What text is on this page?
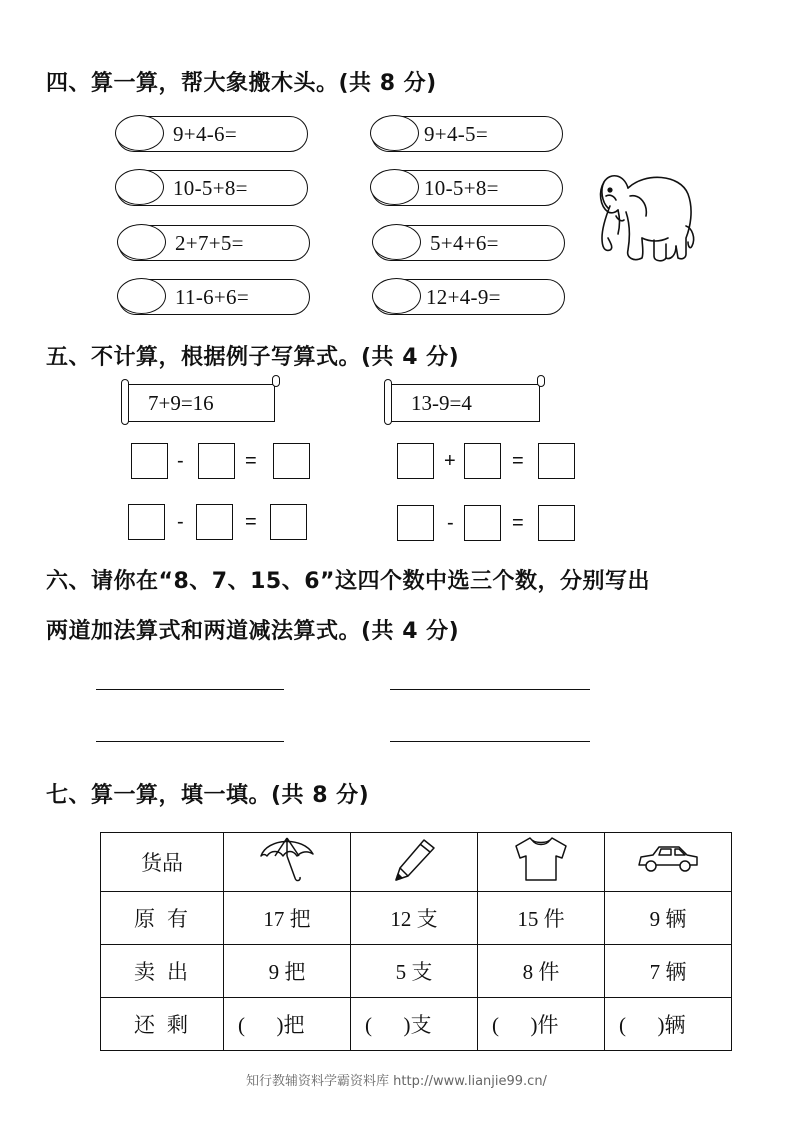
四、算一算，帮大象搬木头。(共 8 分)
9+4-6=
10-5+8=
2+7+5=
11-6+6=
9+4-5=
10-5+8=
5+4+6=
12+4-9=
五、不计算，根据例子写算式。(共 4 分)
7+9=16	13-9=4
-	=
-	=
+	=
-	=
六、请你在“8、7、15、6”这四个数中选三个数，分别写出
两道加法算式和两道减法算式。(共 4 分)
七、算一算，填一填。(共 8 分)
货品				
原有	17 把	12 支	15 件	9 辆
卖出	9 把	5 支	8 件	7 辆
还剩	(      )把	(      )支	(      )件	(      )辆
知行教辅资料学霸资料库 http://www.lianjie99.cn/
